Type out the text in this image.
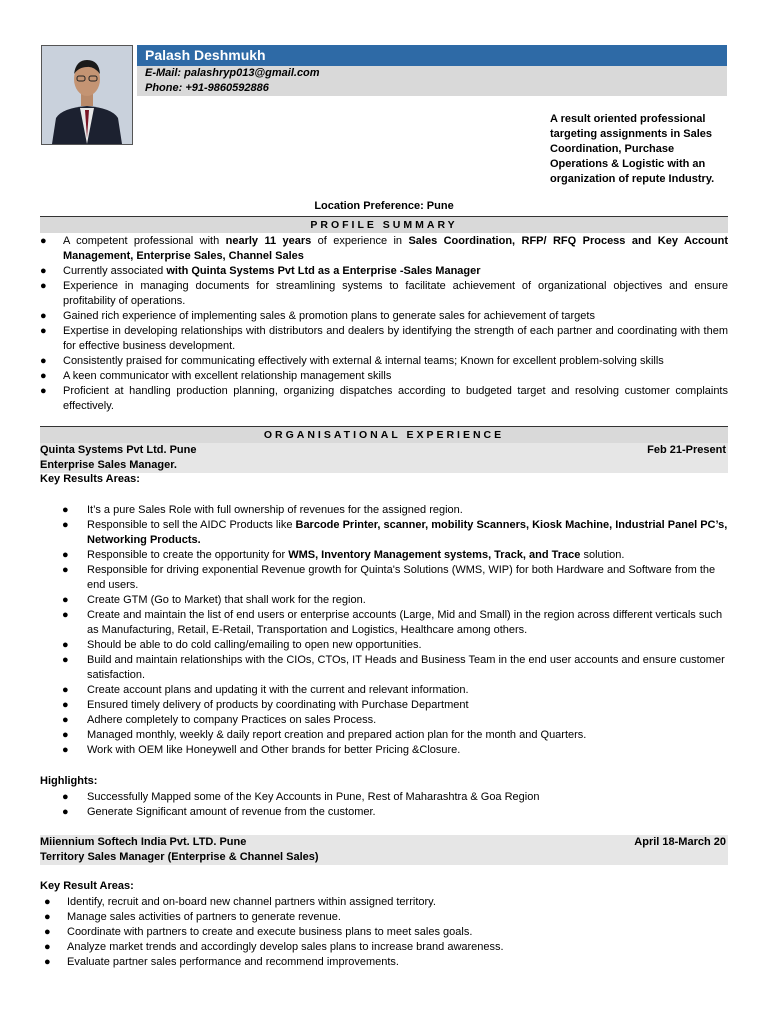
Palash Deshmukh
E-Mail: palashryp013@gmail.com
Phone: +91-9860592886
A result oriented professional targeting assignments in Sales Coordination, Purchase Operations & Logistic with an organization of repute Industry.
Location Preference: Pune
PROFILE SUMMARY
● A competent professional with nearly 11 years of experience in Sales Coordination, RFP/ RFQ Process and Key Account Management, Enterprise Sales, Channel Sales
● Currently associated with Quinta Systems Pvt Ltd as a Enterprise -Sales Manager
● Experience in managing documents for streamlining systems to facilitate achievement of organizational objectives and ensure profitability of operations.
● Gained rich experience of implementing sales & promotion plans to generate sales for achievement of targets
● Expertise in developing relationships with distributors and dealers by identifying the strength of each partner and coordinating with them for effective business development.
● Consistently praised for communicating effectively with external & internal teams; Known for excellent problem-solving skills
● A keen communicator with excellent relationship management skills
● Proficient at handling production planning, organizing dispatches according to budgeted target and resolving customer complaints effectively.
ORGANISATIONAL EXPERIENCE
Quinta Systems Pvt Ltd. Pune	Feb 21-Present
Enterprise Sales Manager.
Key Results Areas:
● It’s a pure Sales Role with full ownership of revenues for the assigned region.
● Responsible to sell the AIDC Products like Barcode Printer, scanner, mobility Scanners, Kiosk Machine, Industrial Panel PC’s, Networking Products.
● Responsible to create the opportunity for WMS, Inventory Management systems, Track, and Trace solution.
● Responsible for driving exponential Revenue growth for Quinta's Solutions (WMS, WIP) for both Hardware and Software from the end users.
● Create GTM (Go to Market) that shall work for the region.
● Create and maintain the list of end users or enterprise accounts (Large, Mid and Small) in the region across different verticals such as Manufacturing, Retail, E-Retail, Transportation and Logistics, Healthcare among others.
● Should be able to do cold calling/emailing to open new opportunities.
● Build and maintain relationships with the CIOs, CTOs, IT Heads and Business Team in the end user accounts and ensure customer satisfaction.
● Create account plans and updating it with the current and relevant information.
● Ensured timely delivery of products by coordinating with Purchase Department
● Adhere completely to company Practices on sales Process.
● Managed monthly, weekly & daily report creation and prepared action plan for the month and Quarters.
● Work with OEM like Honeywell and Other brands for better Pricing &Closure.
Highlights:
● Successfully Mapped some of the Key Accounts in Pune, Rest of Maharashtra & Goa Region
● Generate Significant amount of revenue from the customer.
Miiennium Softech India Pvt. LTD. Pune	April 18-March 20
Territory Sales Manager (Enterprise & Channel Sales)
Key Result Areas:
● Identify, recruit and on-board new channel partners within assigned territory.
● Manage sales activities of partners to generate revenue.
● Coordinate with partners to create and execute business plans to meet sales goals.
● Analyze market trends and accordingly develop sales plans to increase brand awareness.
● Evaluate partner sales performance and recommend improvements.
